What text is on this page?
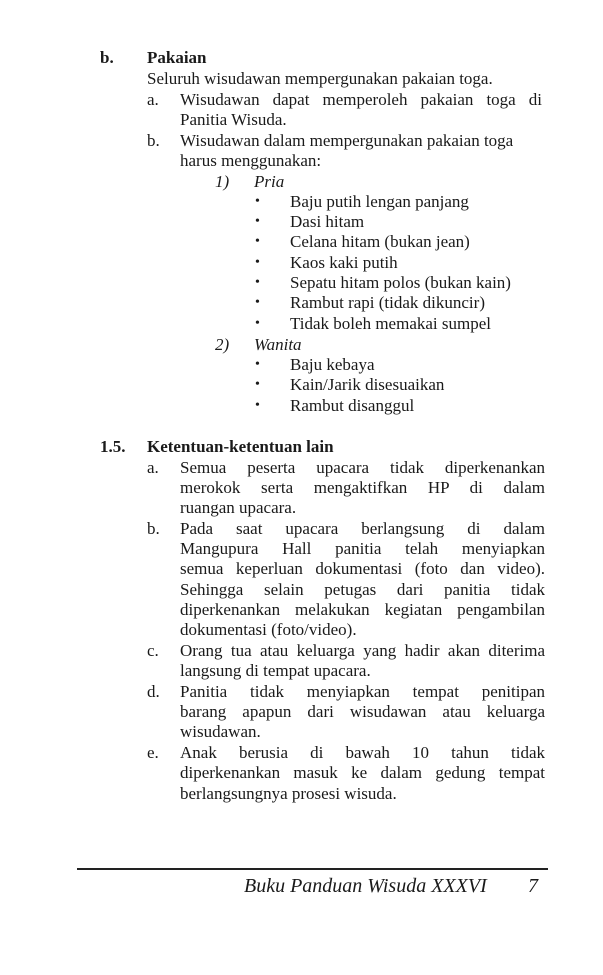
b. Pakaian
Seluruh wisudawan mempergunakan pakaian toga.
a. Wisudawan dapat memperoleh pakaian toga di
Panitia Wisuda.
b. Wisudawan dalam mempergunakan pakaian toga
harus menggunakan:
1) Pria
• Baju putih lengan panjang
• Dasi hitam
• Celana hitam (bukan jean)
• Kaos kaki putih
• Sepatu hitam polos (bukan kain)
• Rambut rapi (tidak dikuncir)
• Tidak boleh memakai sumpel
2) Wanita
• Baju kebaya
• Kain/Jarik disesuaikan
• Rambut disanggul
1.5. Ketentuan-ketentuan lain
a. Semua peserta upacara tidak diperkenankan
merokok serta mengaktifkan HP di dalam
ruangan upacara.
b. Pada saat upacara berlangsung di dalam
Mangupura Hall panitia telah menyiapkan
semua keperluan dokumentasi (foto dan video).
Sehingga selain petugas dari panitia tidak
diperkenankan melakukan kegiatan pengambilan
dokumentasi (foto/video).
c. Orang tua atau keluarga yang hadir akan diterima
langsung di tempat upacara.
d. Panitia tidak menyiapkan tempat penitipan
barang apapun dari wisudawan atau keluarga
wisudawan.
e. Anak berusia di bawah 10 tahun tidak
diperkenankan masuk ke dalam gedung tempat
berlangsungnya prosesi wisuda.
Buku Panduan Wisuda XXXVI 7
